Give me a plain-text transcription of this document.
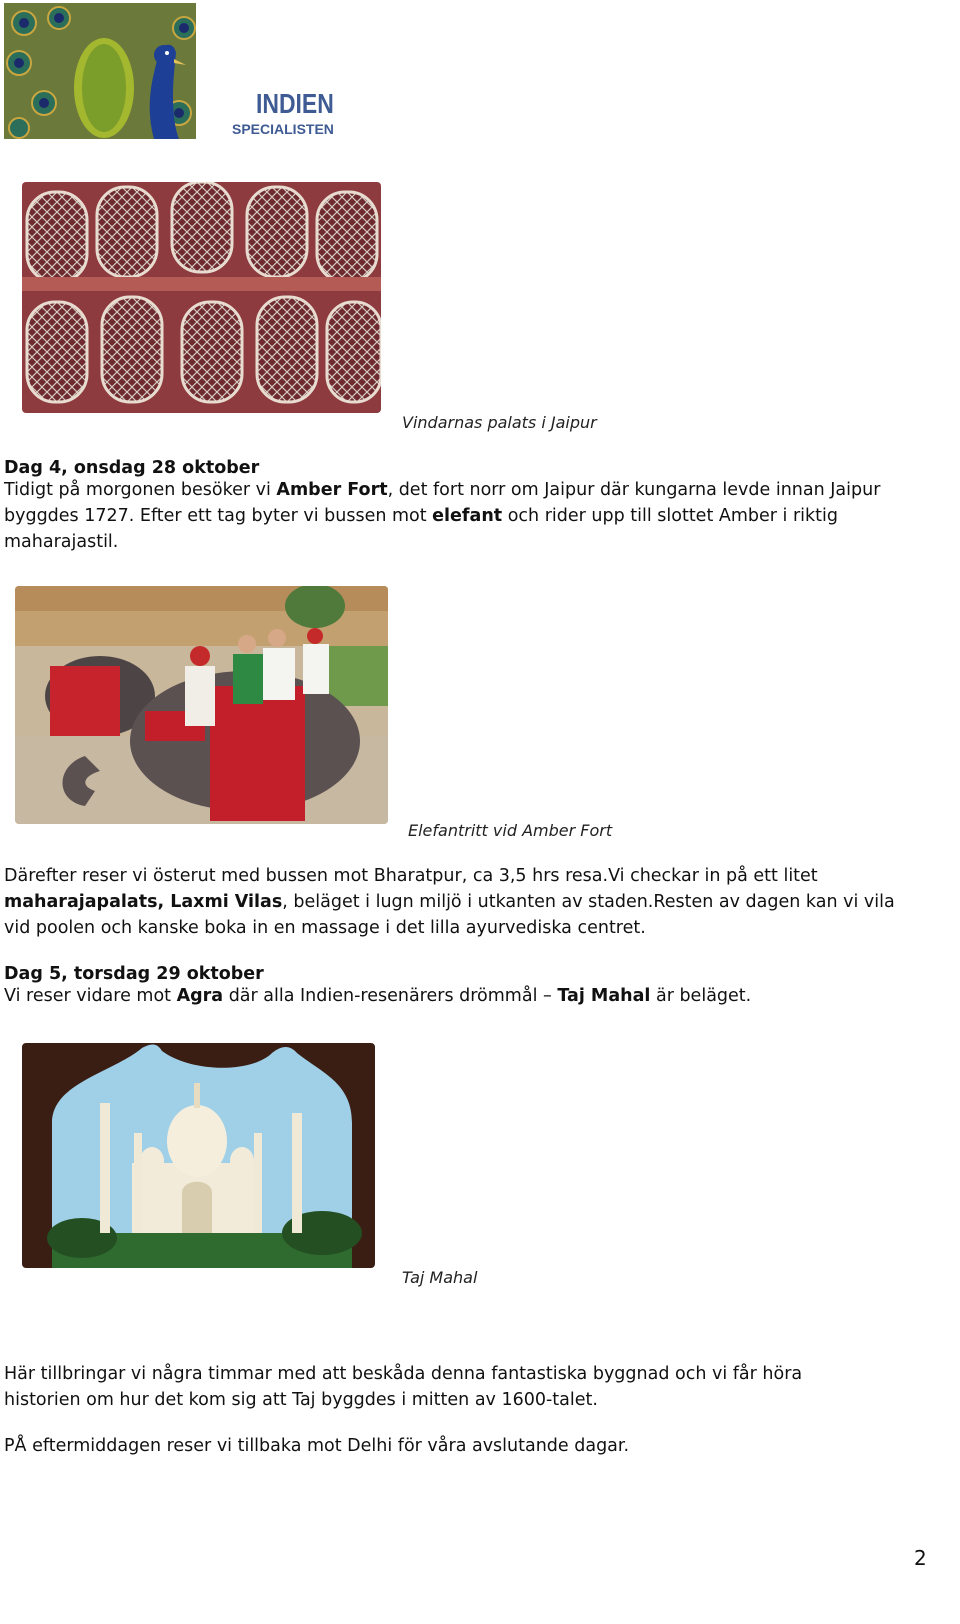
INDIEN
SPECIALISTEN
Vindarnas palats i Jaipur
Dag 4, onsdag 28 oktober
Tidigt på morgonen besöker vi Amber Fort, det fort norr om Jaipur där kungarna levde innan Jaipur byggdes 1727. Efter ett tag byter vi bussen mot elefant och rider upp till slottet Amber i riktig maharajastil.
Elefantritt vid Amber Fort
Därefter reser vi österut med bussen mot Bharatpur, ca 3,5 hrs resa.Vi checkar in på ett litet maharajapalats, Laxmi Vilas, beläget i lugn miljö i utkanten av staden.Resten av dagen kan vi vila vid poolen och kanske boka in en massage i det lilla ayurvediska centret.
Dag 5, torsdag 29 oktober
Vi reser vidare mot Agra där alla Indien-resenärers drömmål – Taj Mahal är beläget.
Taj Mahal
Här tillbringar vi några timmar med att beskåda denna fantastiska byggnad och vi får höra historien om hur det kom sig att Taj byggdes i mitten av 1600-talet.
PÅ eftermiddagen reser vi tillbaka mot Delhi för våra avslutande dagar.
2
